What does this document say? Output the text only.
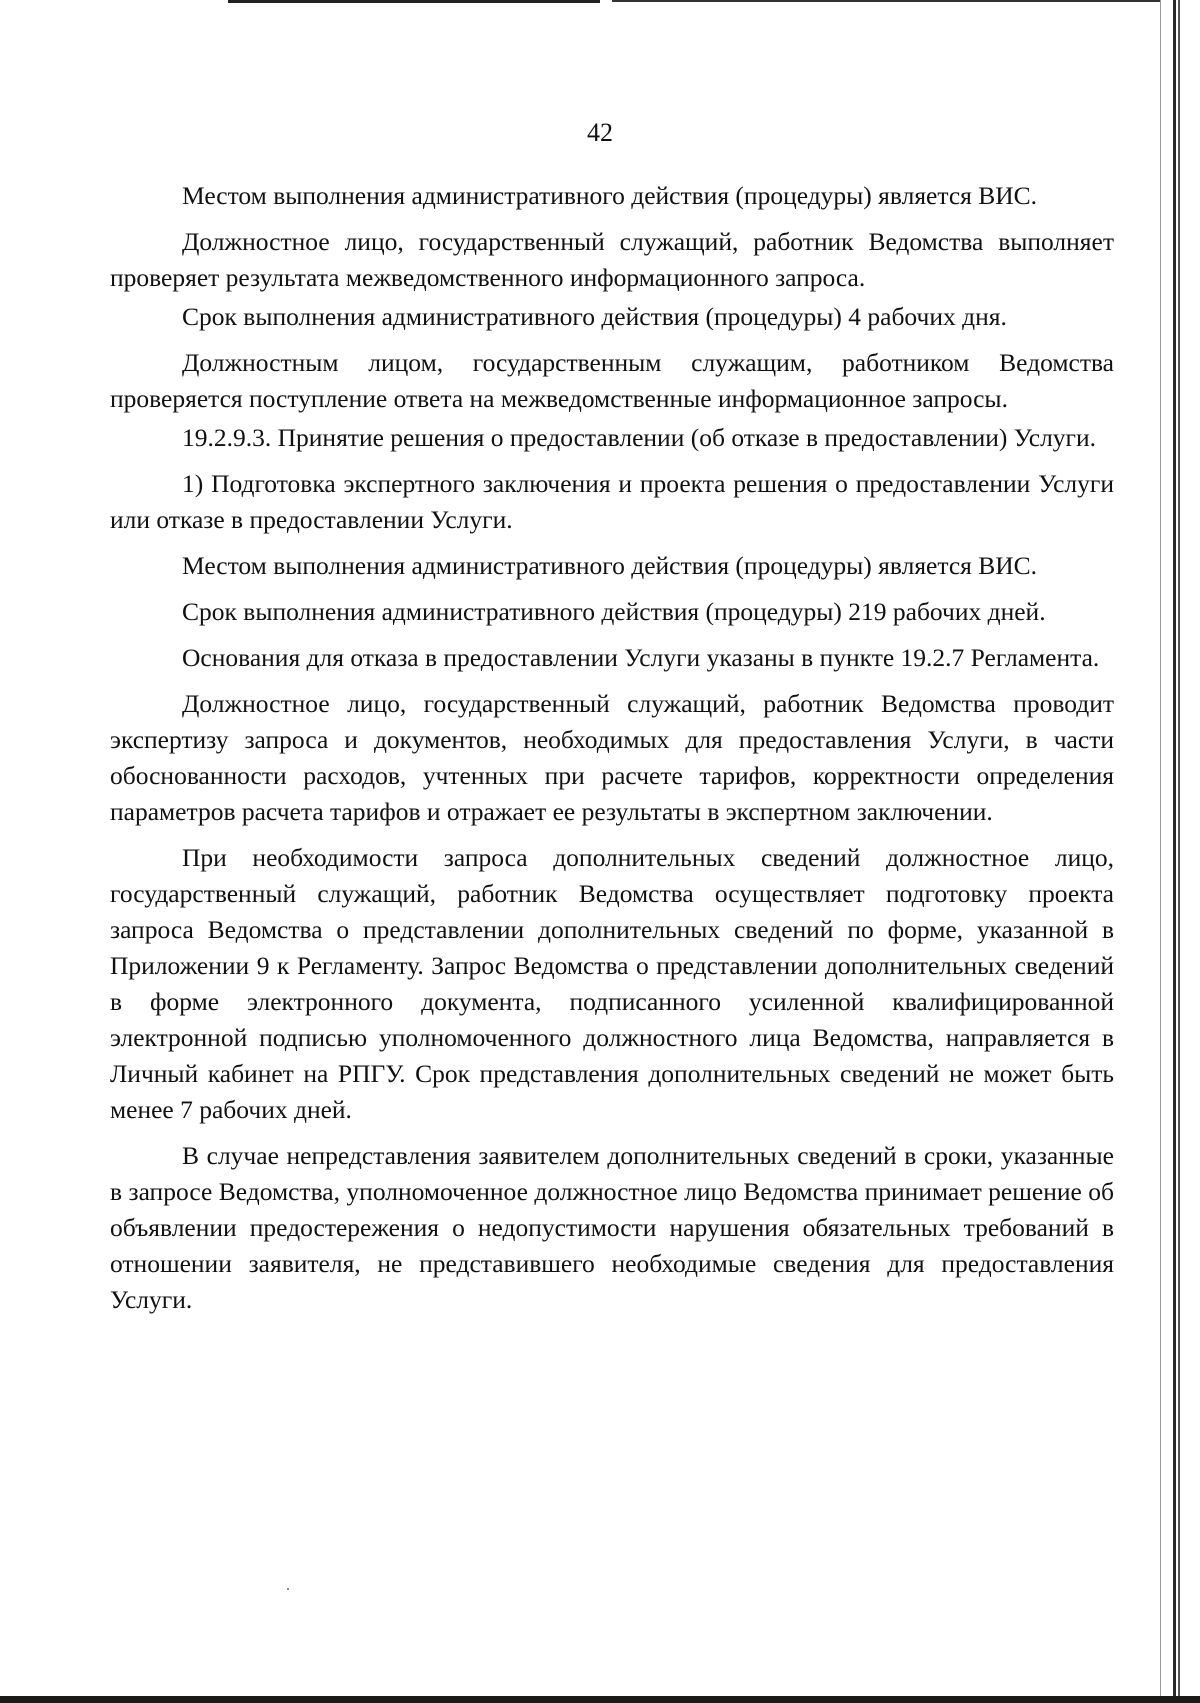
42

Местом выполнения административного действия (процедуры) является ВИС.

Должностное лицо, государственный служащий, работник Ведомства выполняет проверяет результата межведомственного информационного запроса.

Срок выполнения административного действия (процедуры) 4 рабочих дня.

Должностным лицом, государственным служащим, работником Ведомства проверяется поступление ответа на межведомственные информационное запросы.

19.2.9.3. Принятие решения о предоставлении (об отказе в предоставлении) Услуги.

1) Подготовка экспертного заключения и проекта решения о предоставлении Услуги или отказе в предоставлении Услуги.

Местом выполнения административного действия (процедуры) является ВИС.

Срок выполнения административного действия (процедуры) 219 рабочих дней.

Основания для отказа в предоставлении Услуги указаны в пункте 19.2.7 Регламента.

Должностное лицо, государственный служащий, работник Ведомства проводит экспертизу запроса и документов, необходимых для предоставления Услуги, в части обоснованности расходов, учтенных при расчете тарифов, корректности определения параметров расчета тарифов и отражает ее результаты в экспертном заключении.

При необходимости запроса дополнительных сведений должностное лицо, государственный служащий, работник Ведомства осуществляет подготовку проекта запроса Ведомства о представлении дополнительных сведений по форме, указанной в Приложении 9 к Регламенту. Запрос Ведомства о представлении дополнительных сведений в форме электронного документа, подписанного усиленной квалифицированной электронной подписью уполномоченного должностного лица Ведомства, направляется в Личный кабинет на РПГУ. Срок представления дополнительных сведений не может быть менее 7 рабочих дней.

В случае непредставления заявителем дополнительных сведений в сроки, указанные в запросе Ведомства, уполномоченное должностное лицо Ведомства принимает решение об объявлении предостережения о недопустимости нарушения обязательных требований в отношении заявителя, не представившего необходимые сведения для предоставления Услуги.
